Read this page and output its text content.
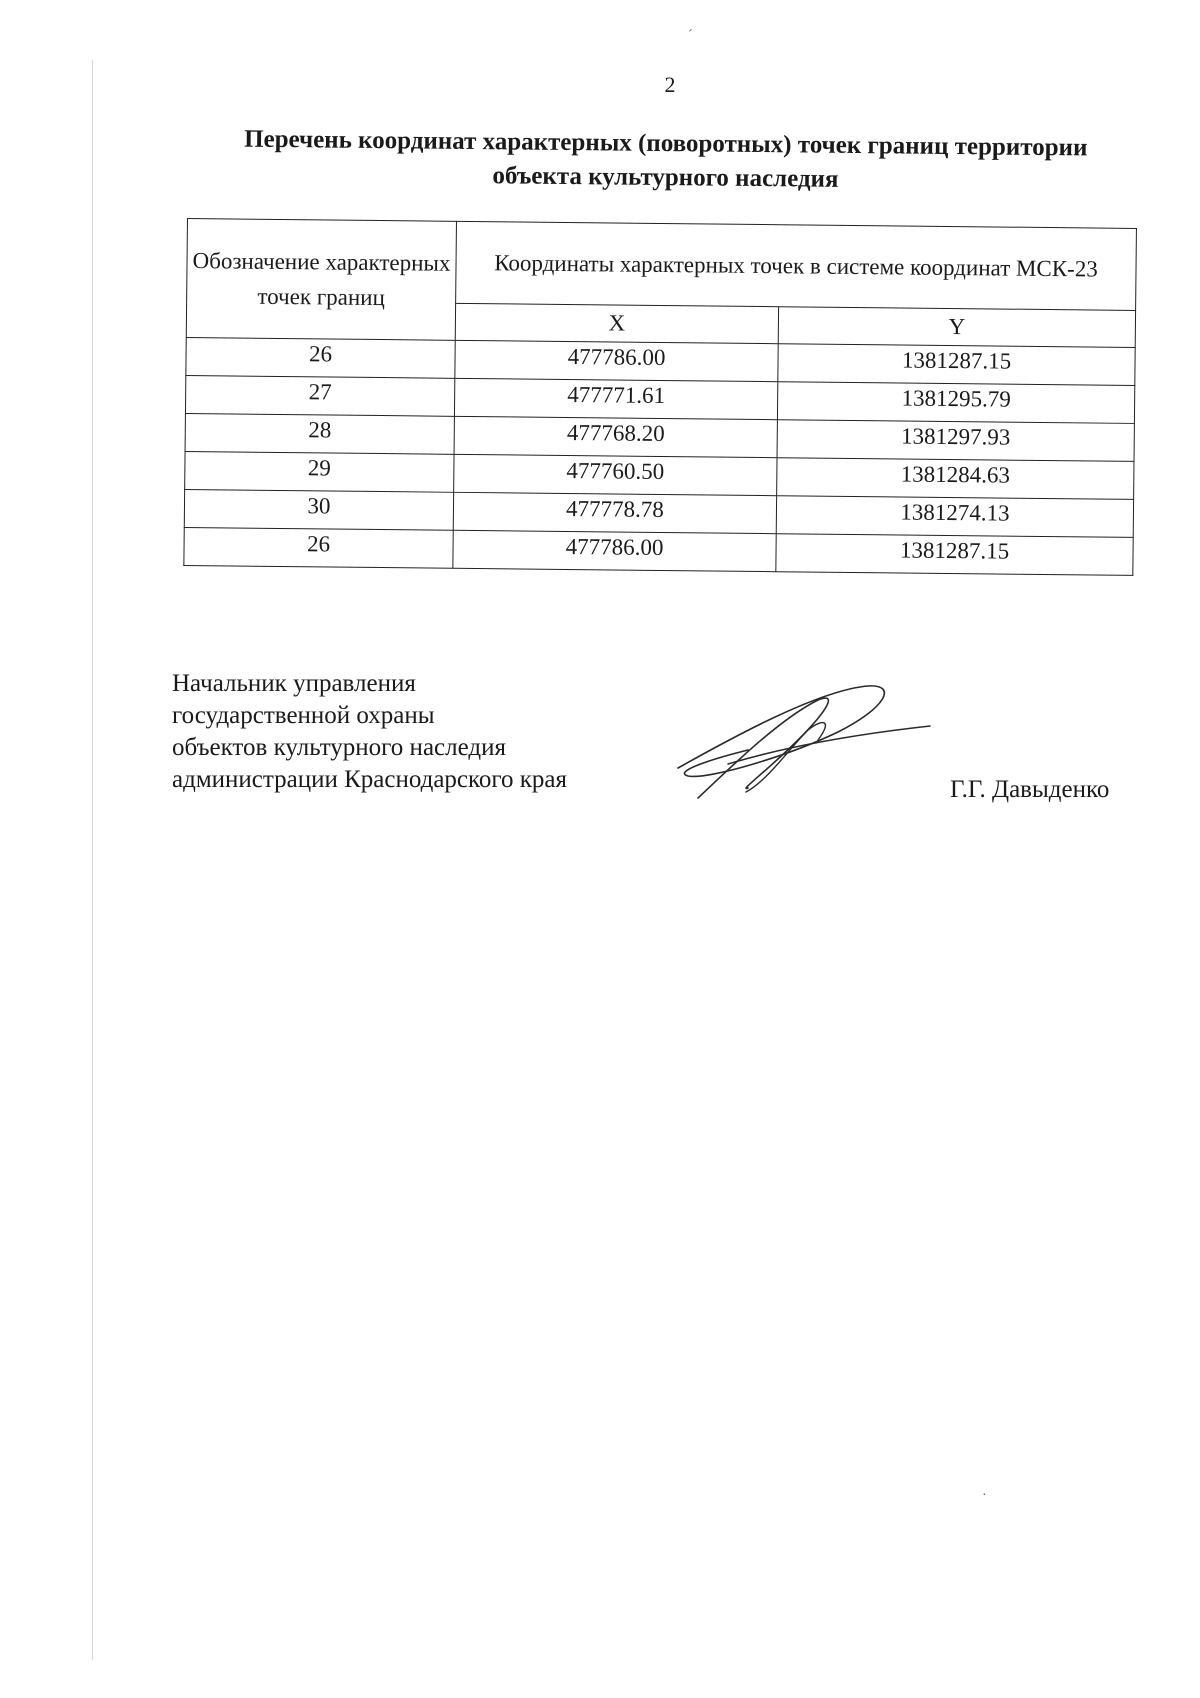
´
·
2
Перечень координат характерных (поворотных) точек границ территории
объекта культурного наследия
Обозначение характерных точек границ	Координаты характерных точек в системе координат МСК-23	
	X	Y
26	477786.00	1381287.15
27	477771.61	1381295.79
28	477768.20	1381297.93
29	477760.50	1381284.63
30	477778.78	1381274.13
26	477786.00	1381287.15
Начальник управления
государственной охраны
объектов культурного наследия
администрации Краснодарского края	Г.Г. Давыденко
